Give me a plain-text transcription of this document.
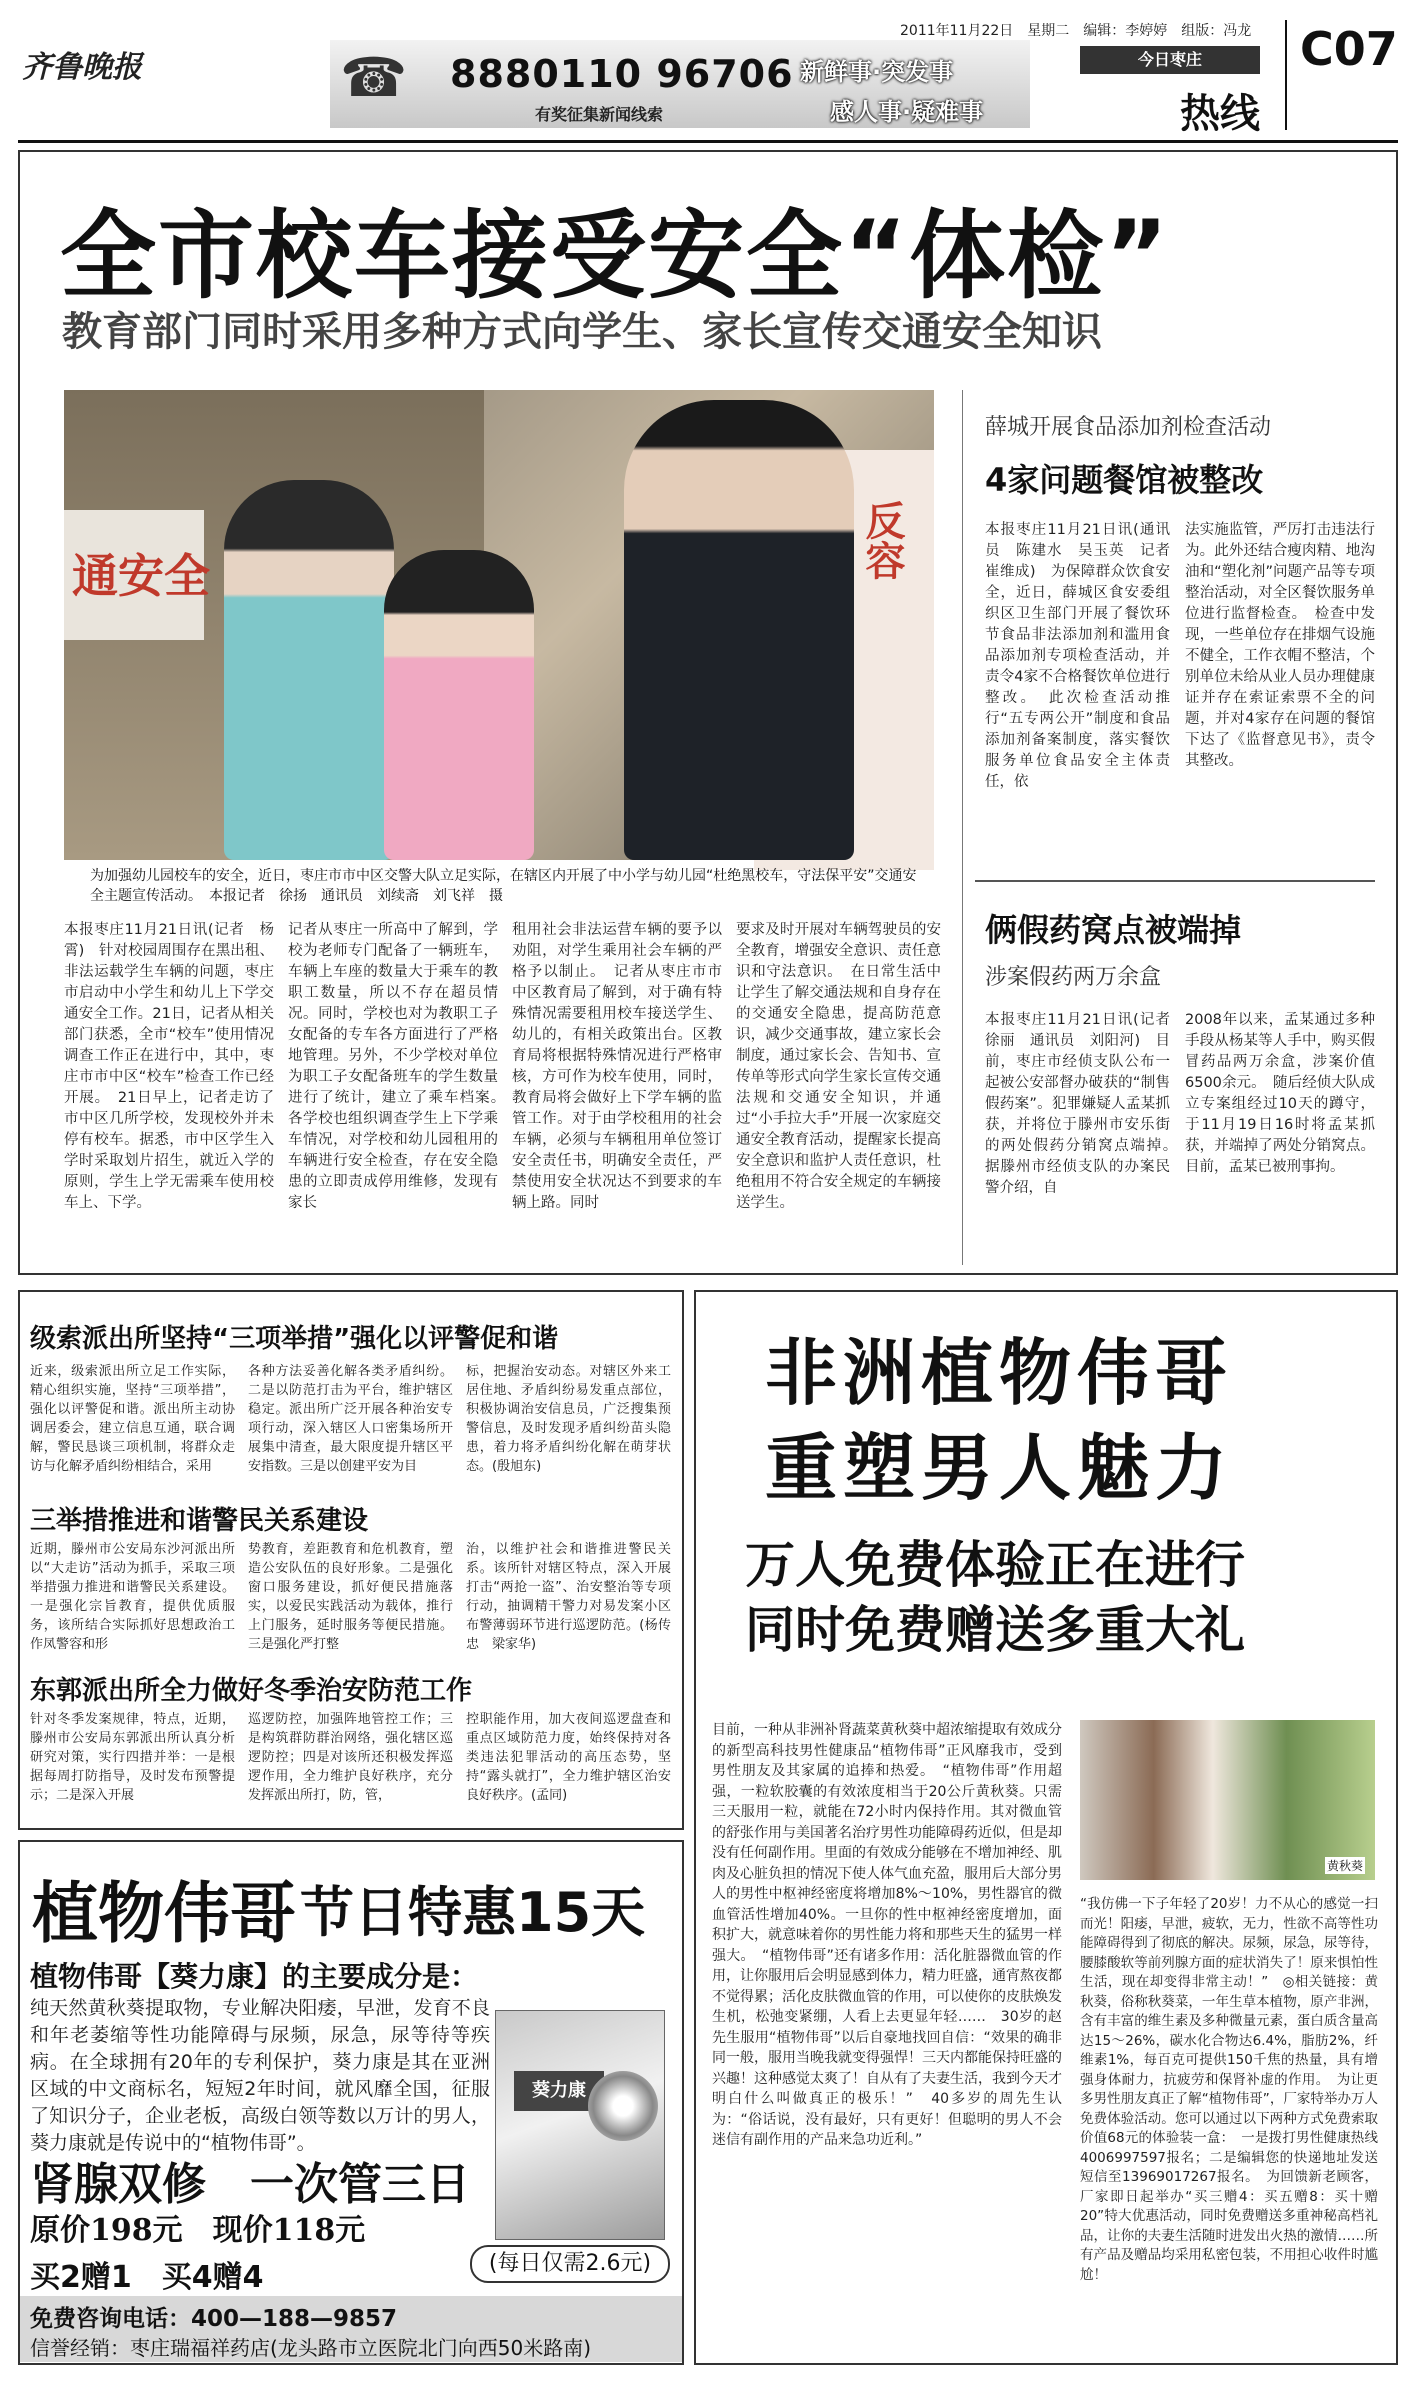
齐鲁晚报	☎ 8880110 96706 新鲜事·突发事
感人事·疑难事
有奖征集新闻线索
2011年11月22日　星期二　编辑：李婷婷　组版：冯龙
今日枣庄
热线
C07
全市校车接受安全“体检”
教育部门同时采用多种方式向学生、家长宣传交通安全知识
通安全	反容
为加强幼儿园校车的安全，近日，枣庄市市中区交警大队立足实际，在辖区内开展了中小学与幼儿园“杜绝黑校车，守法保平安”交通安全主题宣传活动。　本报记者　徐扬　通讯员　刘续斋　刘飞祥　摄
本报枣庄11月21日讯(记者　杨霄)　针对校园周围存在黑出租、非法运载学生车辆的问题，枣庄市启动中小学生和幼儿上下学交通安全工作。21日，记者从相关部门获悉，全市“校车”使用情况调查工作正在进行中，其中，枣庄市市中区“校车”检查工作已经开展。　21日早上，记者走访了市中区几所学校，发现校外并未停有校车。据悉，市中区学生入学时采取划片招生，就近入学的原则，学生上学无需乘车使用校车上、下学。
记者从枣庄一所高中了解到，学校为老师专门配备了一辆班车，车辆上车座的数量大于乘车的教职工数量，所以不存在超员情况。同时，学校也对为教职工子女配备的专车各方面进行了严格地管理。另外，不少学校对单位为职工子女配备班车的学生数量进行了统计，建立了乘车档案。　各学校也组织调查学生上下学乘车情况，对学校和幼儿园租用的车辆进行安全检查，存在安全隐患的立即责成停用维修，发现有家长
租用社会非法运营车辆的要予以劝阻，对学生乘用社会车辆的严格予以制止。　记者从枣庄市市中区教育局了解到，对于确有特殊情况需要租用校车接送学生、幼儿的，有相关政策出台。区教育局将根据特殊情况进行严格审核，方可作为校车使用，同时，教育局将会做好上下学车辆的监管工作。对于由学校租用的社会车辆，必须与车辆租用单位签订安全责任书，明确安全责任，严禁使用安全状况达不到要求的车辆上路。同时
要求及时开展对车辆驾驶员的安全教育，增强安全意识、责任意识和守法意识。　在日常生活中让学生了解交通法规和自身存在的交通安全隐患，提高防范意识，减少交通事故，建立家长会制度，通过家长会、告知书、宣传单等形式向学生家长宣传交通法规和交通安全知识，并通过“小手拉大手”开展一次家庭交通安全教育活动，提醒家长提高安全意识和监护人责任意识，杜绝租用不符合安全规定的车辆接送学生。
薛城开展食品添加剂检查活动
4家问题餐馆被整改
本报枣庄11月21日讯(通讯员　陈建水　吴玉英　记者　崔维成)　为保障群众饮食安全，近日，薛城区食安委组织区卫生部门开展了餐饮环节食品非法添加剂和滥用食品添加剂专项检查活动，并责令4家不合格餐饮单位进行整改。　此次检查活动推行“五专两公开”制度和食品添加剂备案制度，落实餐饮服务单位食品安全主体责任，依
法实施监管，严厉打击违法行为。此外还结合瘦肉精、地沟油和“塑化剂”问题产品等专项整治活动，对全区餐饮服务单位进行监督检查。　检查中发现，一些单位存在排烟气设施不健全，工作衣帽不整洁，个别单位未给从业人员办理健康证并存在索证索票不全的问题，并对4家存在问题的餐馆下达了《监督意见书》，责令其整改。
俩假药窝点被端掉
涉案假药两万余盒
本报枣庄11月21日讯(记者　徐丽　通讯员　刘阳河)　目前，枣庄市经侦支队公布一起被公安部督办破获的“制售假药案”。犯罪嫌疑人孟某抓获，并将位于滕州市安乐街的两处假药分销窝点端掉。　据滕州市经侦支队的办案民警介绍，自
2008年以来，孟某通过多种手段从杨某等人手中，购买假冒药品两万余盒，涉案价值6500余元。　随后经侦大队成立专案组经过10天的蹲守，于11月19日16时将孟某抓获，并端掉了两处分销窝点。目前，孟某已被刑事拘。
级索派出所坚持“三项举措”强化以评警促和谐
近来，级索派出所立足工作实际，精心组织实施，坚持“三项举措”，强化以评警促和谐。派出所主动协调居委会，建立信息互通，联合调解，警民恳谈三项机制，将群众走访与化解矛盾纠纷相结合，采用
各种方法妥善化解各类矛盾纠纷。二是以防范打击为平台，维护辖区稳定。派出所广泛开展各种治安专项行动，深入辖区人口密集场所开展集中清查，最大限度提升辖区平安指数。三是以创建平安为目
标，把握治安动态。对辖区外来工居住地、矛盾纠纷易发重点部位，积极协调治安信息员，广泛搜集预警信息，及时发现矛盾纠纷苗头隐患，着力将矛盾纠纷化解在萌芽状态。(殷旭东)
三举措推进和谐警民关系建设
近期，滕州市公安局东沙河派出所以“大走访”活动为抓手，采取三项举措强力推进和谐警民关系建设。一是强化宗旨教育，提供优质服务，该所结合实际抓好思想政治工作凤警容和形
势教育，差距教育和危机教育，塑造公安队伍的良好形象。二是强化窗口服务建设，抓好便民措施落实，以爱民实践活动为载体，推行上门服务，延时服务等便民措施。三是强化严打整
治，以维护社会和谐推进警民关系。该所针对辖区特点，深入开展打击“两抢一盗”、治安整治等专项行动，抽调精干警力对易发案小区布警薄弱环节进行巡逻防范。(杨传忠　梁家华)
东郭派出所全力做好冬季治安防范工作
针对冬季发案规律，特点，近期，滕州市公安局东郭派出所认真分析研究对策，实行四措并举：一是根据每周打防指导，及时发布预警提示；二是深入开展
巡逻防控，加强阵地管控工作；三是构筑群防群治网络，强化辖区巡逻防控；四是对该所还积极发挥巡逻作用，全力维护良好秩序，充分发挥派出所打，防，管，
控职能作用，加大夜间巡逻盘查和重点区域防范力度，始终保持对各类违法犯罪活动的高压态势，坚持“露头就打”，全力维护辖区治安良好秩序。(孟同)
植物伟哥 节日特惠15天
植物伟哥【葵力康】的主要成分是：
纯天然黄秋葵提取物，专业解决阳痿，早泄，发育不良和年老萎缩等性功能障碍与尿频，尿急，尿等待等疾病。在全球拥有20年的专利保护，葵力康是其在亚洲区域的中文商标名，短短2年时间，就风靡全国，征服了知识分子，企业老板，高级白领等数以万计的男人，葵力康就是传说中的“植物伟哥”。
葵力康
肾腺双修　一次管三日
原价198元　现价118元
买2赠1　买4赠4	(每日仅需2.6元)
免费咨询电话：400—188—9857
信誉经销：枣庄瑞福祥药店(龙头路市立医院北门向西50米路南)
非洲植物伟哥
重塑男人魅力
万人免费体验正在进行
同时免费赠送多重大礼
目前，一种从非洲补肾蔬菜黄秋葵中超浓缩提取有效成分的新型高科技男性健康品“植物伟哥”正风靡我市，受到男性朋友及其家属的追捧和热爱。　“植物伟哥”作用超强，一粒软胶囊的有效浓度相当于20公斤黄秋葵。只需三天服用一粒，就能在72小时内保持作用。其对微血管的舒张作用与美国著名治疗男性功能障碍药近似，但是却没有任何副作用。里面的有效成分能够在不增加神经、肌肉及心脏负担的情况下使人体气血充盈，服用后大部分男人的男性中枢神经密度将增加8%～10%，男性器官的微血管活性增加40%。一旦你的性中枢神经密度增加，面积扩大，就意味着你的男性能力将和那些天生的猛男一样强大。　“植物伟哥”还有诸多作用：活化脏器微血管的作用，让你服用后会明显感到体力，精力旺盛，通宵熬夜都不觉得累；活化皮肤微血管的作用，可以使你的皮肤焕发生机，松弛变紧绷，人看上去更显年轻……　30岁的赵先生服用“植物伟哥”以后自豪地找回自信：“效果的确非同一般，服用当晚我就变得强悍！三天内都能保持旺盛的兴趣！这种感觉太爽了！自从有了夫妻生活，我到今天才明白什么叫做真正的极乐！”　40多岁的周先生认为：“俗话说，没有最好，只有更好！但聪明的男人不会迷信有副作用的产品来急功近利。”
黄秋葵
“我仿佛一下子年轻了20岁！力不从心的感觉一扫而光！阳痿，早泄，疲软，无力，性欲不高等性功能障碍得到了彻底的解决。尿频，尿急，尿等待，腰膝酸软等前列腺方面的症状消失了！原来惧怕性生活，现在却变得非常主动！”　◎相关链接：黄秋葵，俗称秋葵菜，一年生草本植物，原产非洲，含有丰富的维生素及多种微量元素，蛋白质含量高达15～26%，碳水化合物达6.4%，脂肪2%，纤维素1%，每百克可提供150千焦的热量，具有增强身体耐力，抗疲劳和保肾补虚的作用。　为让更多男性朋友真正了解“植物伟哥”，厂家特举办万人免费体验活动。您可以通过以下两种方式免费索取价值68元的体验装一盒：　一是拨打男性健康热线4006997597报名；二是编辑您的快递地址发送短信至13969017267报名。　为回馈新老顾客，厂家即日起举办“买三赠4：买五赠8：买十赠20”特大优惠活动，同时免费赠送多重神秘高档礼品，让你的夫妻生活随时进发出火热的激情……所有产品及赠品均采用私密包装，不用担心收件时尴尬！
